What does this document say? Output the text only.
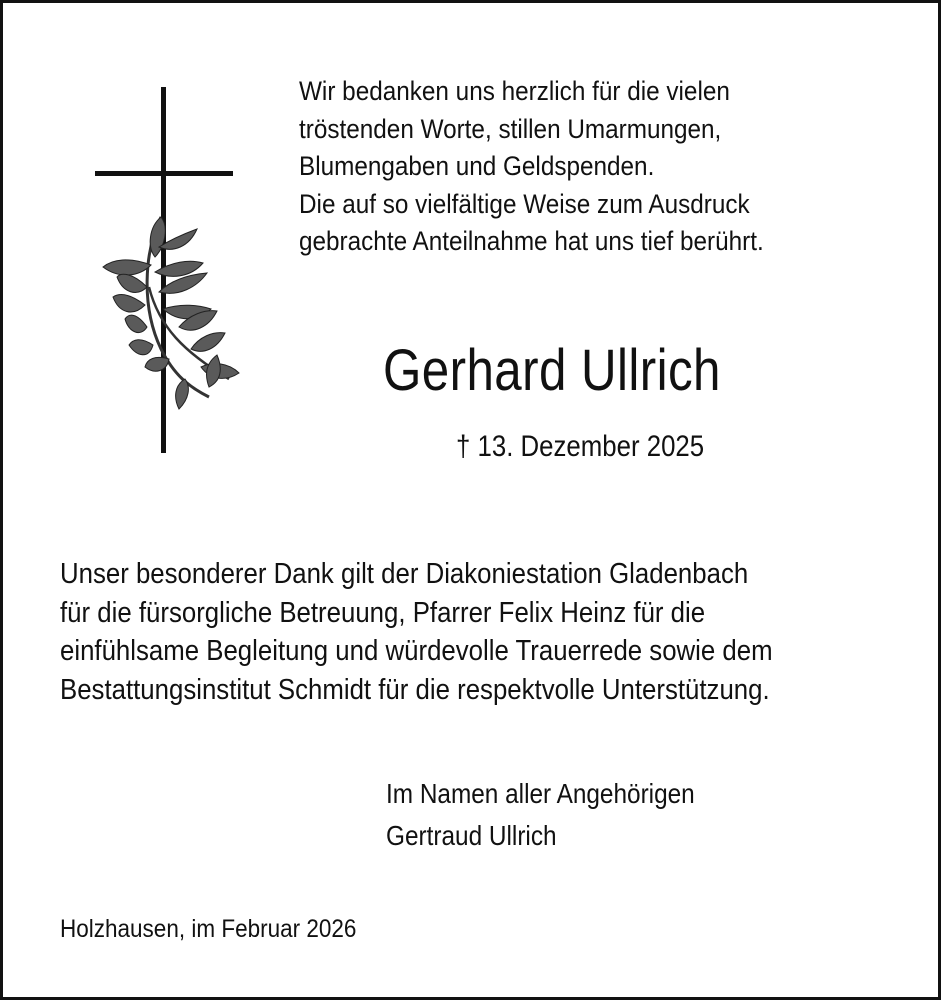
Wir bedanken uns herzlich für die vielen
tröstenden Worte, stillen Umarmungen,
Blumengaben und Geldspenden.
Die auf so vielfältige Weise zum Ausdruck
gebrachte Anteilnahme hat uns tief berührt.
Gerhard Ullrich
† 13. Dezember 2025
Unser besonderer Dank gilt der Diakoniestation Gladenbach
für die fürsorgliche Betreuung, Pfarrer Felix Heinz für die
einfühlsame Begleitung und würdevolle Trauerrede sowie dem
Bestattungsinstitut Schmidt für die respektvolle Unterstützung.
Im Namen aller Angehörigen
Gertraud Ullrich
Holzhausen, im Februar 2026
